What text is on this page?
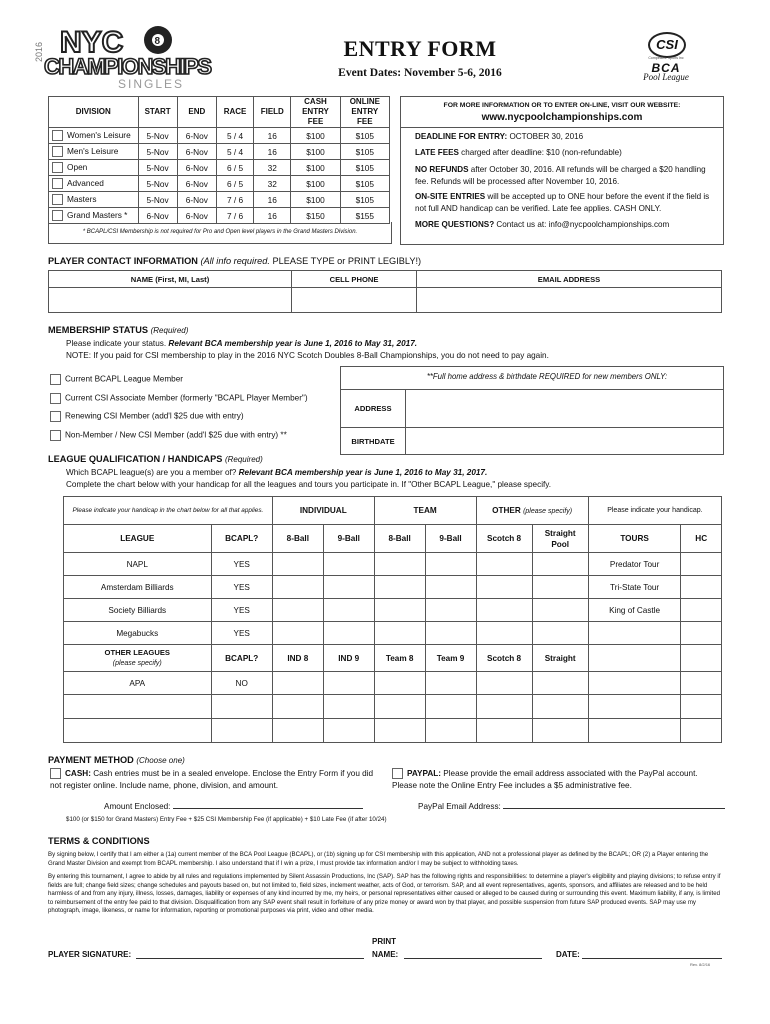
2016 NYC	8
CHAMPIONSHIPS
SINGLES
ENTRY FORM
Event Dates: November 5-6, 2016
CSI
Competitive Sports Inc
BCA
Pool League
DIVISION	START	END	RACE	FIELD	CASH ENTRY FEE	ONLINE ENTRY FEE
Women's Leisure	5-Nov	6-Nov	5 / 4	16	$100	$105
Men's Leisure	5-Nov	6-Nov	5 / 4	16	$100	$105
Open	5-Nov	6-Nov	6 / 5	32	$100	$105
Advanced	5-Nov	6-Nov	6 / 5	32	$100	$105
Masters	5-Nov	6-Nov	7 / 6	16	$100	$105
Grand Masters *	6-Nov	6-Nov	7 / 6	16	$150	$155
* BCAPL/CSI Membership is not required for Pro and Open level players in the Grand Masters Division.
FOR MORE INFORMATION OR TO ENTER ON-LINE, VISIT OUR WEBSITE:
www.nycpoolchampionships.com
DEADLINE FOR ENTRY: OCTOBER 30, 2016
LATE FEES charged after deadline: $10 (non-refundable)
NO REFUNDS after October 30, 2016. All refunds will be charged a $20 handling fee. Refunds will be processed after November 10, 2016.
ON-SITE ENTRIES will be accepted up to ONE hour before the event if the field is not full AND handicap can be verified. Late fee applies. CASH ONLY.
MORE QUESTIONS? Contact us at: info@nycpoolchampionships.com
PLAYER CONTACT INFORMATION (All info required. PLEASE TYPE or PRINT LEGIBLY!)
NAME (First, MI, Last)	CELL PHONE	EMAIL ADDRESS

MEMBERSHIP STATUS (Required)
Please indicate your status. Relevant BCA membership year is June 1, 2016 to May 31, 2017.
NOTE: If you paid for CSI membership to play in the 2016 NYC Scotch Doubles 8-Ball Championships, you do not need to pay again.
Current BCAPL League Member
Current CSI Associate Member (formerly "BCAPL Player Member")
Renewing CSI Member (add'l $25 due with entry)
Non-Member / New CSI Member (add'l $25 due with entry) **
**Full home address & birthdate REQUIRED for new members ONLY:
ADDRESS
BIRTHDATE
LEAGUE QUALIFICATION / HANDICAPS (Required)
Which BCAPL league(s) are you a member of? Relevant BCA membership year is June 1, 2016 to May 31, 2017.
Complete the chart below with your handicap for all the leagues and tours you participate in. If "Other BCAPL League," please specify.
Please indicate your handicap in the chart below for all that applies.		INDIVIDUAL		TEAM		OTHER (please specify)		Please indicate your handicap.	
LEAGUE	BCAPL?	8-Ball	9-Ball	8-Ball	9-Ball	Scotch 8	Straight Pool	TOURS	HC
NAPL	YES							Predator Tour	
Amsterdam Billiards	YES							Tri-State Tour	
Society Billiards	YES							King of Castle	
Megabucks	YES								
OTHER LEAGUES
(please specify)	BCAPL?	IND 8	IND 9	Team 8	Team 9	Scotch 8	Straight		
APA	NO								

PAYMENT METHOD (Choose one)
CASH: Cash entries must be in a sealed envelope. Enclose the Entry Form if you did not register online. Include name, phone, division, and amount.
PAYPAL: Please provide the email address associated with the PayPal account. Please note the Online Entry Fee includes a $5 administrative fee.
Amount Enclosed:	PayPal Email Address:
$100 (or $150 for Grand Masters) Entry Fee + $25 CSI Membership Fee (if applicable) + $10 Late Fee (if after 10/24)
TERMS & CONDITIONS
By signing below, I certify that I am either a (1a) current member of the BCA Pool League (BCAPL), or (1b) signing up for CSI membership with this application, AND not a professional player as defined by the BCAPL; OR (2) a Player entering the Grand Master Division and exempt from BCAPL membership. I also understand that if I win a prize, I must provide tax information and/or I may be subject to withholding taxes.
By entering this tournament, I agree to abide by all rules and regulations implemented by Silent Assassin Productions, Inc (SAP). SAP has the following rights and responsibilities: to determine a player's eligibility and playing divisions; to refuse entry if fields are full; change field sizes; change schedules and payouts based on, but not limited to, field sizes, inclement weather, acts of God, or terrorism. SAP, and all event representatives, agents, sponsors, and affiliates are released and to be held harmless of and from any injury, illness, losses, damages, liability or expenses of any kind incurred by me, my heirs, or personal representatives either caused or alleged to be caused during or surrounding this event. Maximum liability, if any, is limited to reimbursement of the entry fee paid to that division. Disqualification from any SAP event shall result in forfeiture of any prize money or award won by that player, and possible suspension from future SAP produced events. SAP may use my photograph, image, likeness, or name for information, reporting or promotional purposes via print, video and other media.
PLAYER SIGNATURE:
PRINT
NAME:	DATE:
Rev. 8/2/16
